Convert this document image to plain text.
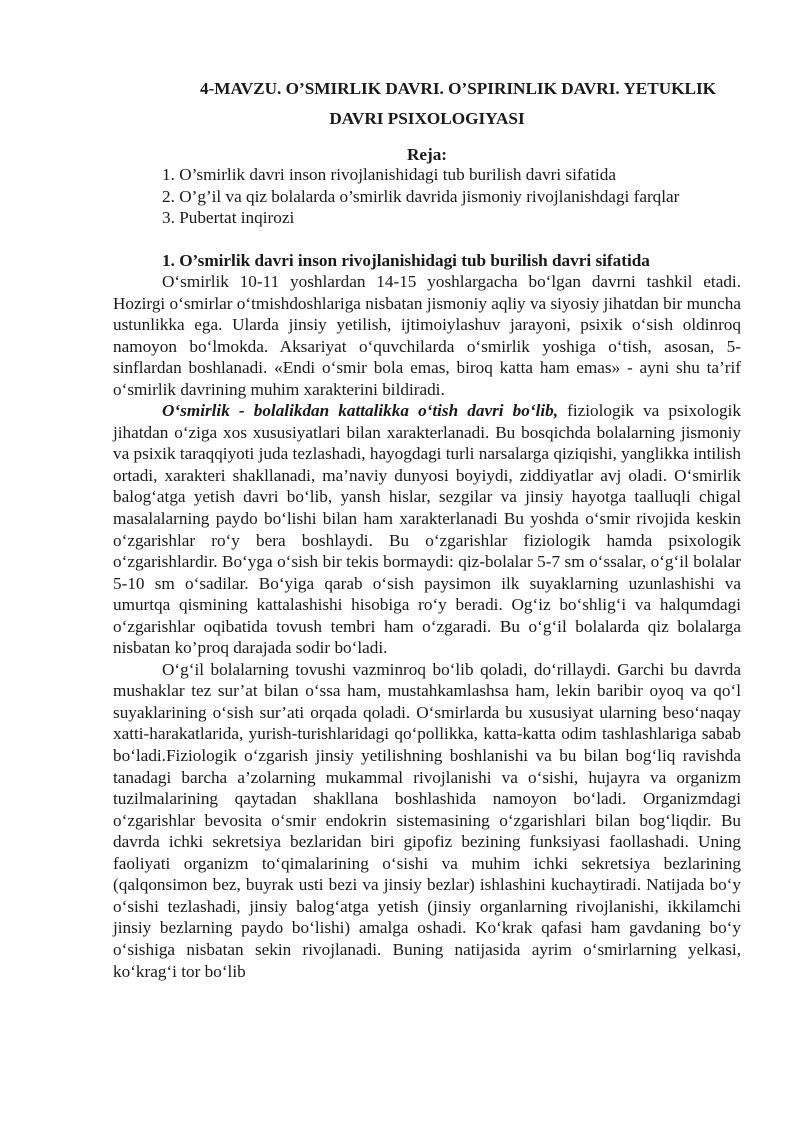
4-MAVZU. O’SMIRLIK DAVRI. O’SPIRINLIK DAVRI. YETUKLIK
DAVRI PSIXOLOGIYASI

Reja:

1. O’smirlik davri inson rivojlanishidagi tub burilish davri sifatida
2. O’g’il va qiz bolalarda o’smirlik davrida jismoniy rivojlanishdagi farqlar
3. Pubertat inqirozi
1. O’smirlik davri inson rivojlanishidagi tub burilish davri sifatida

O‘smirlik 10-11 yoshlardan 14-15 yoshlargacha bo‘lgan davrni tashkil etadi. Hozirgi o‘smirlar o‘tmishdoshlariga nisbatan jismoniy aqliy va siyosiy jihatdan bir muncha ustunlikka ega. Ularda jinsiy yetilish, ijtimoiylashuv jarayoni, psixik o‘sish oldinroq namoyon bo‘lmokda. Aksariyat o‘quvchilarda o‘smirlik yoshiga o‘tish, asosan, 5-sinflardan boshlanadi. «Endi o‘smir bola emas, biroq katta ham emas» - ayni shu ta’rif o‘smirlik davrining muhim xarakterini bildiradi.

O‘smirlik - bolalikdan kattalikka o‘tish davri bo‘lib, fiziologik va psixologik jihatdan o‘ziga xos xususiyatlari bilan xarakterlanadi. Bu bosqichda bolalarning jismoniy va psixik taraqqiyoti juda tezlashadi, hayogdagi turli narsalarga qiziqishi, yanglikka intilish ortadi, xarakteri shakllanadi, ma’naviy dunyosi boyiydi, ziddiyatlar avj oladi. O‘smirlik balog‘atga yetish davri bo‘lib, yansh hislar, sezgilar va jinsiy hayotga taalluqli chigal masalalarning paydo bo‘lishi bilan ham xarakterlanadi Bu yoshda o‘smir rivojida keskin o‘zgarishlar ro‘y bera boshlaydi. Bu o‘zgarishlar fiziologik hamda psixologik o‘zgarishlardir. Bo‘yga o‘sish bir tekis bormaydi: qiz-bolalar 5-7 sm o‘ssalar, o‘g‘il bolalar 5-10 sm o‘sadilar. Bo‘yiga qarab o‘sish paysimon ilk suyaklarning uzunlashishi va umurtqa qismining kattalashishi hisobiga ro‘y beradi. Og‘iz bo‘shlig‘i va halqumdagi o‘zgarishlar oqibatida tovush tembri ham o‘zgaradi. Bu o‘g‘il bolalarda qiz bolalarga nisbatan ko’proq darajada sodir bo‘ladi.

O‘g‘il bolalarning tovushi vazminroq bo‘lib qoladi, do‘rillaydi. Garchi bu davrda mushaklar tez sur’at bilan o‘ssa ham, mustahkamlashsa ham, lekin baribir oyoq va qo‘l suyaklarining o‘sish sur’ati orqada qoladi. O‘smirlarda bu xususiyat ularning beso‘naqay xatti-harakatlarida, yurish-turishlaridagi qo‘pollikka, katta-katta odim tashlashlariga sabab bo‘ladi.Fiziologik o‘zgarish jinsiy yetilishning boshlanishi va bu bilan bog‘liq ravishda tanadagi barcha a’zolarning mukammal rivojlanishi va o‘sishi, hujayra va organizm tuzilmalarining qaytadan shakllana boshlashida namoyon bo‘ladi. Organizmdagi o‘zgarishlar bevosita o‘smir endokrin sistemasining o‘zgarishlari bilan bog‘liqdir. Bu davrda ichki sekretsiya bezlaridan biri gipofiz bezining funksiyasi faollashadi. Uning faoliyati organizm to‘qimalarining o‘sishi va muhim ichki sekretsiya bezlarining (qalqonsimon bez, buyrak usti bezi va jinsiy bezlar) ishlashini kuchaytiradi. Natijada bo‘y o‘sishi tezlashadi, jinsiy balog‘atga yetish (jinsiy organlarning rivojlanishi, ikkilamchi jinsiy bezlarning paydo bo‘lishi) amalga oshadi. Ko‘krak qafasi ham gavdaning bo‘y o‘sishiga nisbatan sekin rivojlanadi. Buning natijasida ayrim o‘smirlarning yelkasi, ko‘krag‘i tor bo‘lib
